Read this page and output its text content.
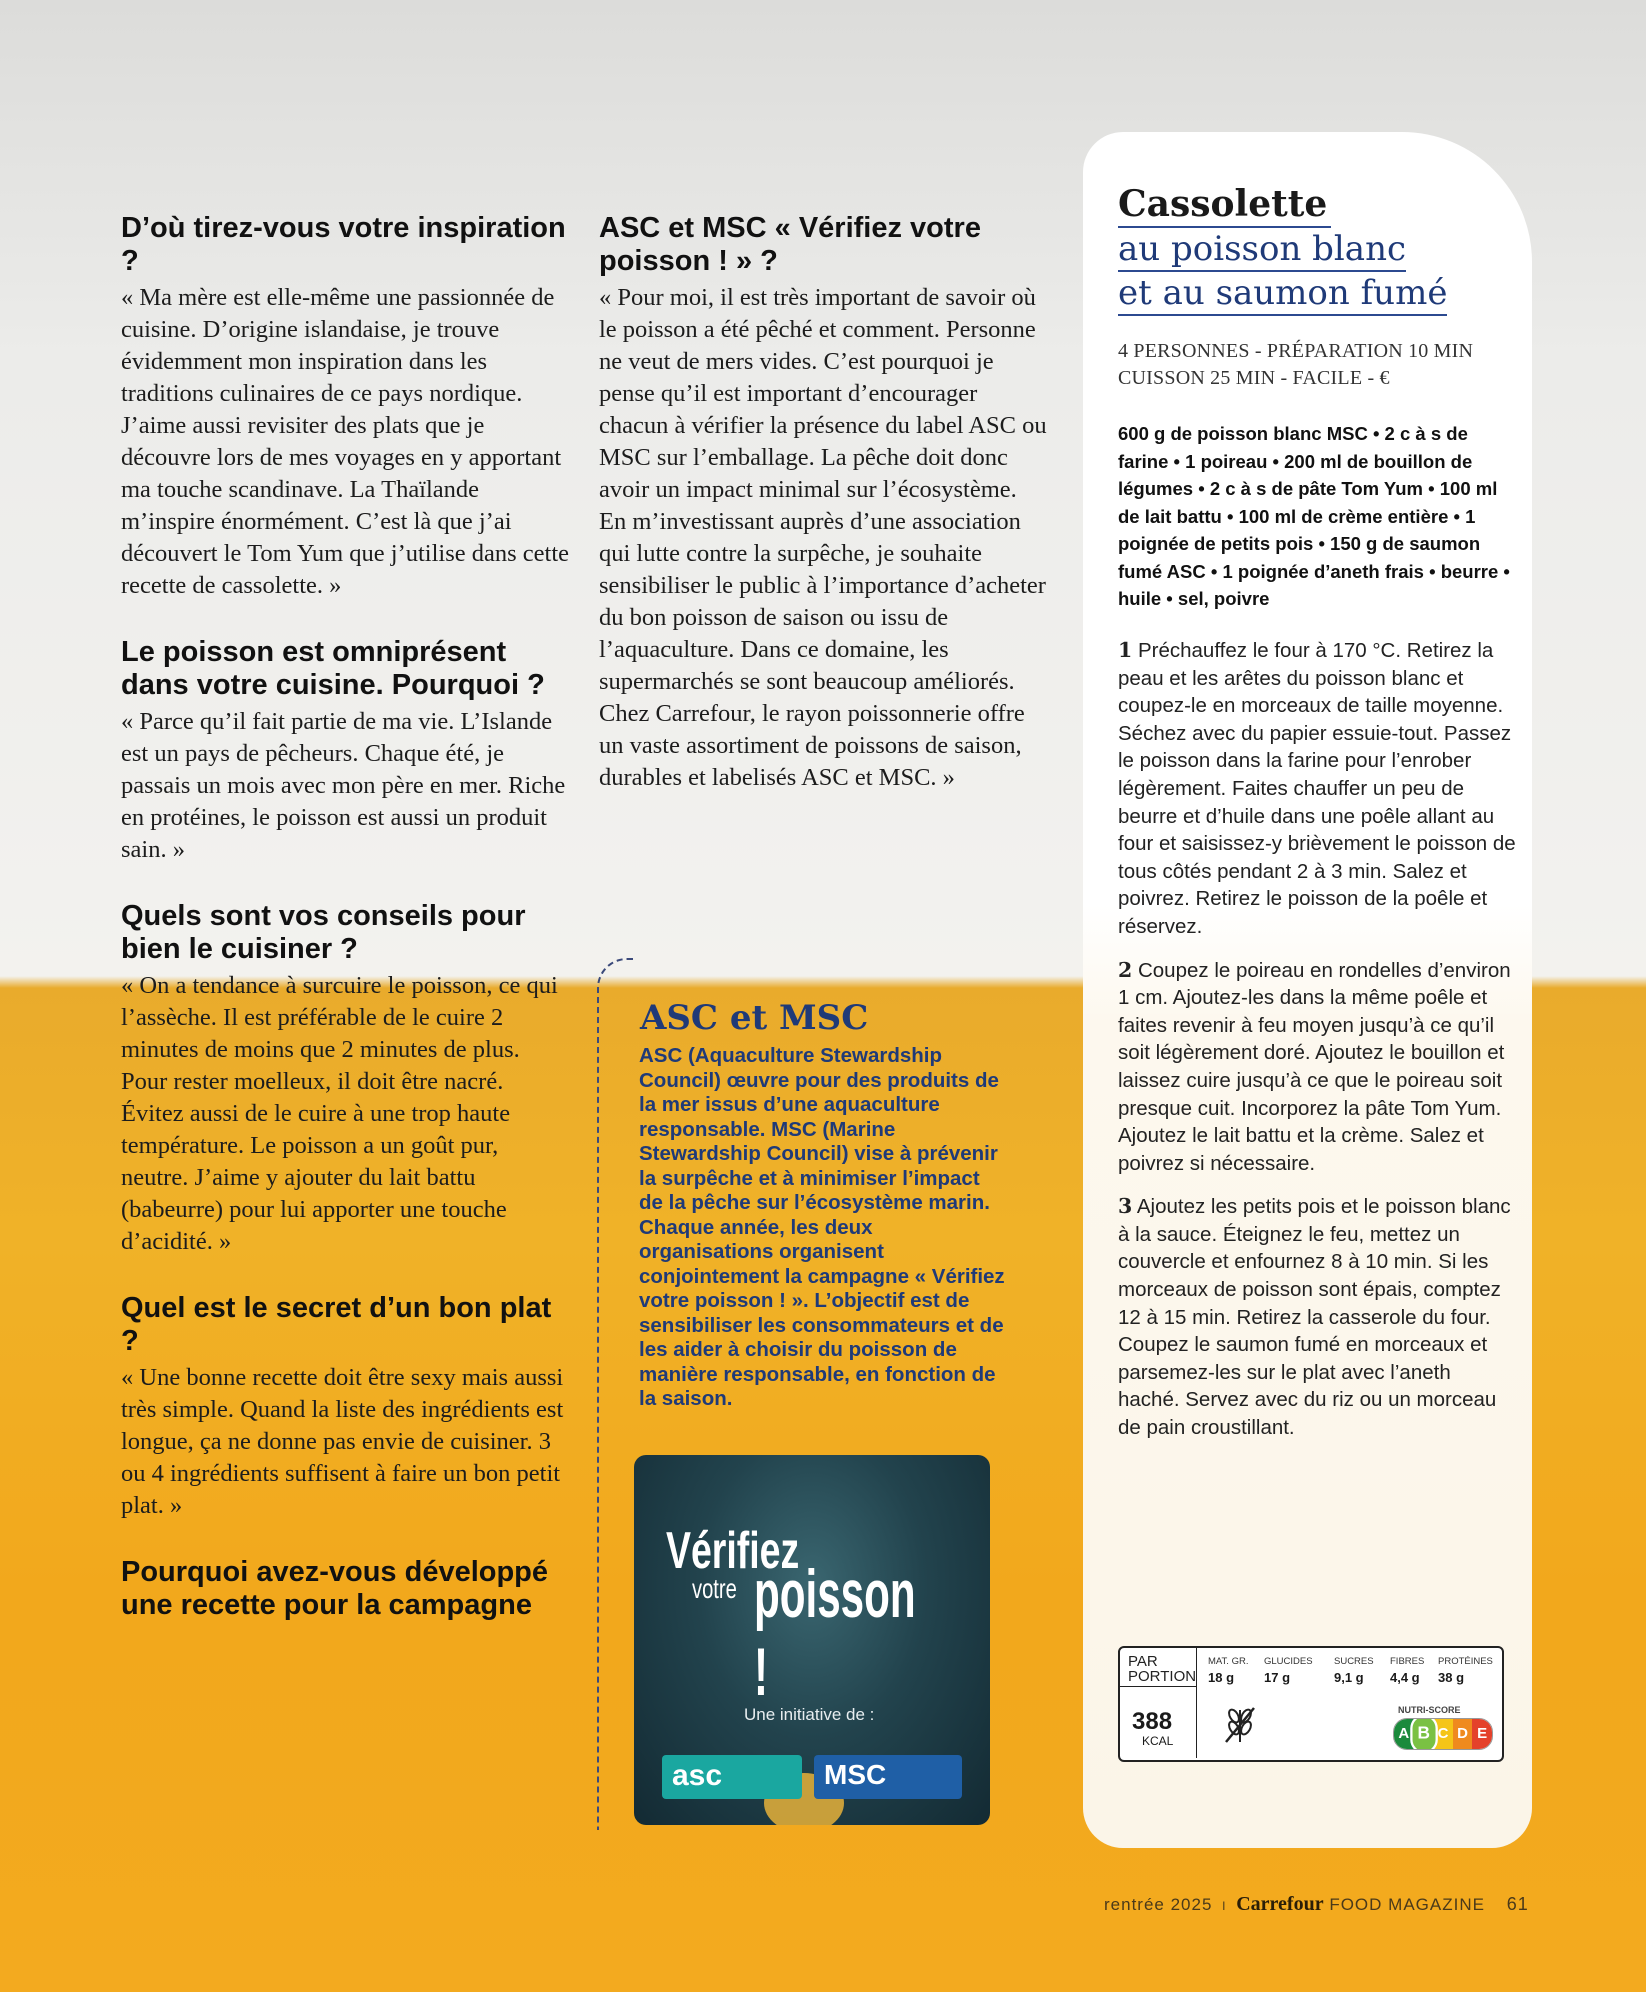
D’où tirez-vous votre inspiration ?

« Ma mère est elle-même une passionnée de cuisine. D’origine islandaise, je trouve évidemment mon inspiration dans les traditions culinaires de ce pays nordique. J’aime aussi revisiter des plats que je découvre lors de mes voyages en y apportant ma touche scandinave. La Thaïlande m’inspire énormément. C’est là que j’ai découvert le Tom Yum que j’utilise dans cette recette de cassolette. »

Le poisson est omniprésent dans votre cuisine. Pourquoi ?

« Parce qu’il fait partie de ma vie. L’Islande est un pays de pêcheurs. Chaque été, je passais un mois avec mon père en mer. Riche en protéines, le poisson est aussi un produit sain. »

Quels sont vos conseils pour bien le cuisiner ?

« On a tendance à surcuire le poisson, ce qui l’assèche. Il est préférable de le cuire 2 minutes de moins que 2 minutes de plus. Pour rester moelleux, il doit être nacré. Évitez aussi de le cuire à une trop haute température. Le poisson a un goût pur, neutre. J’aime y ajouter du lait battu (babeurre) pour lui apporter une touche d’acidité. »

Quel est le secret d’un bon plat ?

« Une bonne recette doit être sexy mais aussi très simple. Quand la liste des ingrédients est longue, ça ne donne pas envie de cuisiner. 3 ou 4 ingrédients suffisent à faire un bon petit plat. »

Pourquoi avez-vous développé une recette pour la campagne
ASC et MSC « Vérifiez votre poisson ! » ?

« Pour moi, il est très important de savoir où le poisson a été pêché et comment. Personne ne veut de mers vides. C’est pourquoi je pense qu’il est important d’encourager chacun à vérifier la présence du label ASC ou MSC sur l’emballage. La pêche doit donc avoir un impact minimal sur l’écosystème. En m’investissant auprès d’une association qui lutte contre la surpêche, je souhaite sensibiliser le public à l’importance d’acheter du bon poisson de saison ou issu de l’aquaculture. Dans ce domaine, les supermarchés se sont beaucoup améliorés. Chez Carrefour, le rayon poissonnerie offre un vaste assortiment de poissons de saison, durables et labelisés ASC et MSC. »

ASC et MSC

ASC (Aquaculture Stewardship Council) œuvre pour des produits de la mer issus d’une aquaculture responsable. MSC (Marine Stewardship Council) vise à prévenir la surpêche et à minimiser l’impact de la pêche sur l’écosystème marin. Chaque année, les deux organisations organisent conjointement la campagne « Vérifiez votre poisson ! ». L’objectif est de sensibiliser les consommateurs et de les aider à choisir du poisson de manière responsable, en fonction de la saison.

Vérifiez
votre poisson !
Une initiative de :
asc	MSC
Cassolette
au poisson blanc
et au saumon fumé
4 PERSONNES - PRÉPARATION 10 MIN
CUISSON 25 MIN - FACILE - €
600 g de poisson blanc MSC • 2 c à s de farine • 1 poireau • 200 ml de bouillon de légumes • 2 c à s de pâte Tom Yum • 100 ml de lait battu • 100 ml de crème entière • 1 poignée de petits pois • 150 g de saumon fumé ASC • 1 poignée d’aneth frais • beurre • huile • sel, poivre

1 Préchauffez le four à 170 °C. Retirez la peau et les arêtes du poisson blanc et coupez-le en morceaux de taille moyenne. Séchez avec du papier essuie-tout. Passez le poisson dans la farine pour l’enrober légèrement. Faites chauffer un peu de beurre et d’huile dans une poêle allant au four et saisissez-y brièvement le poisson de tous côtés pendant 2 à 3 min. Salez et poivrez. Retirez le poisson de la poêle et réservez.

2 Coupez le poireau en rondelles d’environ 1 cm. Ajoutez-les dans la même poêle et faites revenir à feu moyen jusqu’à ce qu’il soit légèrement doré. Ajoutez le bouillon et laissez cuire jusqu’à ce que le poireau soit presque cuit. Incorporez la pâte Tom Yum. Ajoutez le lait battu et la crème. Salez et poivrez si nécessaire.

3 Ajoutez les petits pois et le poisson blanc à la sauce. Éteignez le feu, mettez un couvercle et enfournez 8 à 10 min. Si les morceaux de poisson sont épais, comptez 12 à 15 min. Retirez la casserole du four. Coupez le saumon fumé en morceaux et parsemez-les sur le plat avec l’aneth haché. Servez avec du riz ou un morceau de pain croustillant.

PAR
PORTION
388
KCAL
MAT. GR.
18 g
GLUCIDES
17 g
SUCRES
9,1 g
FIBRES
4,4 g
PROTÉINES
38 g
NUTRI-SCORE
A B C D E
rentrée 2025 I Carrefour FOOD MAGAZINE 61
